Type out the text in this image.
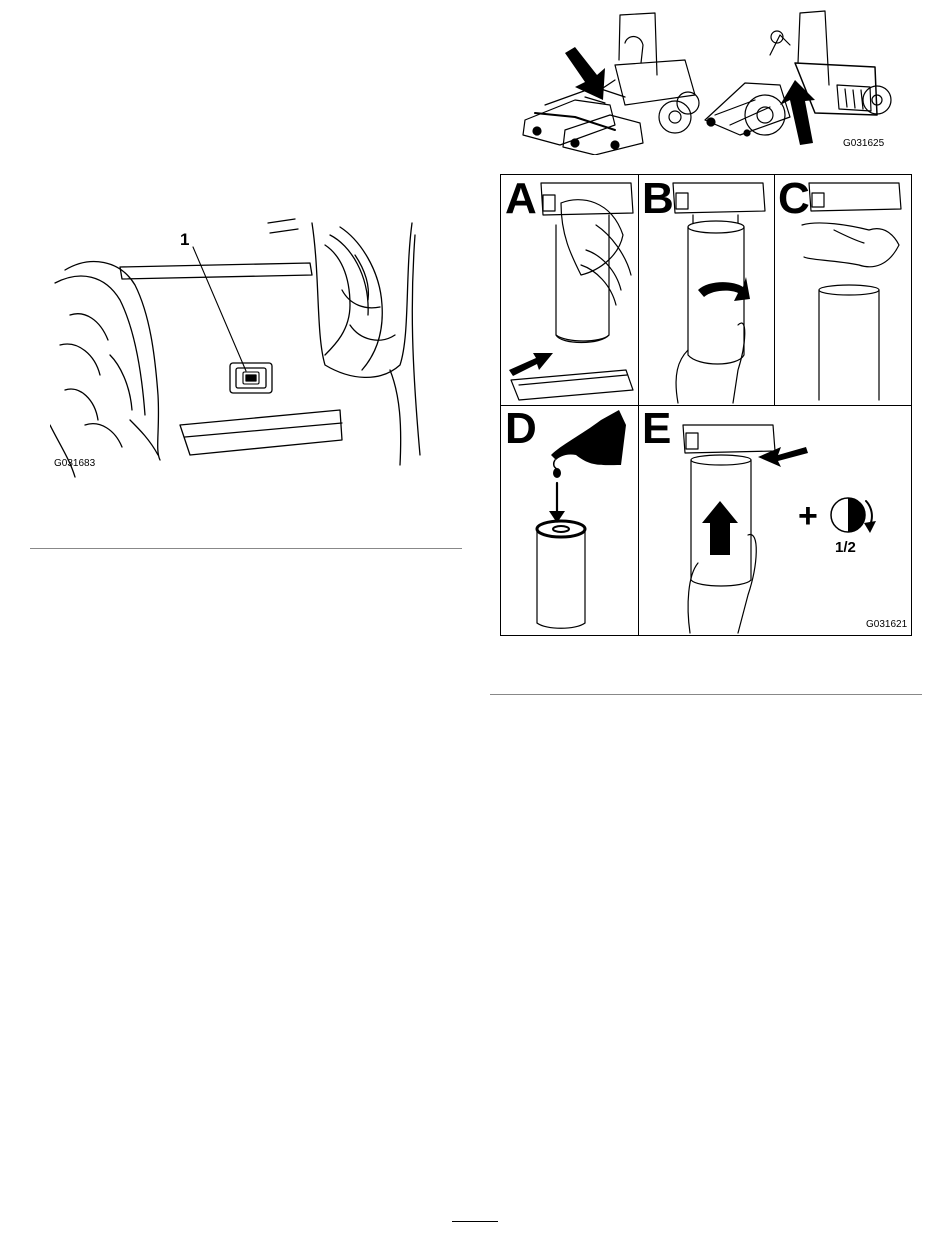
1
G031683
G031625
A B C
D E
+
1/2
G031621
